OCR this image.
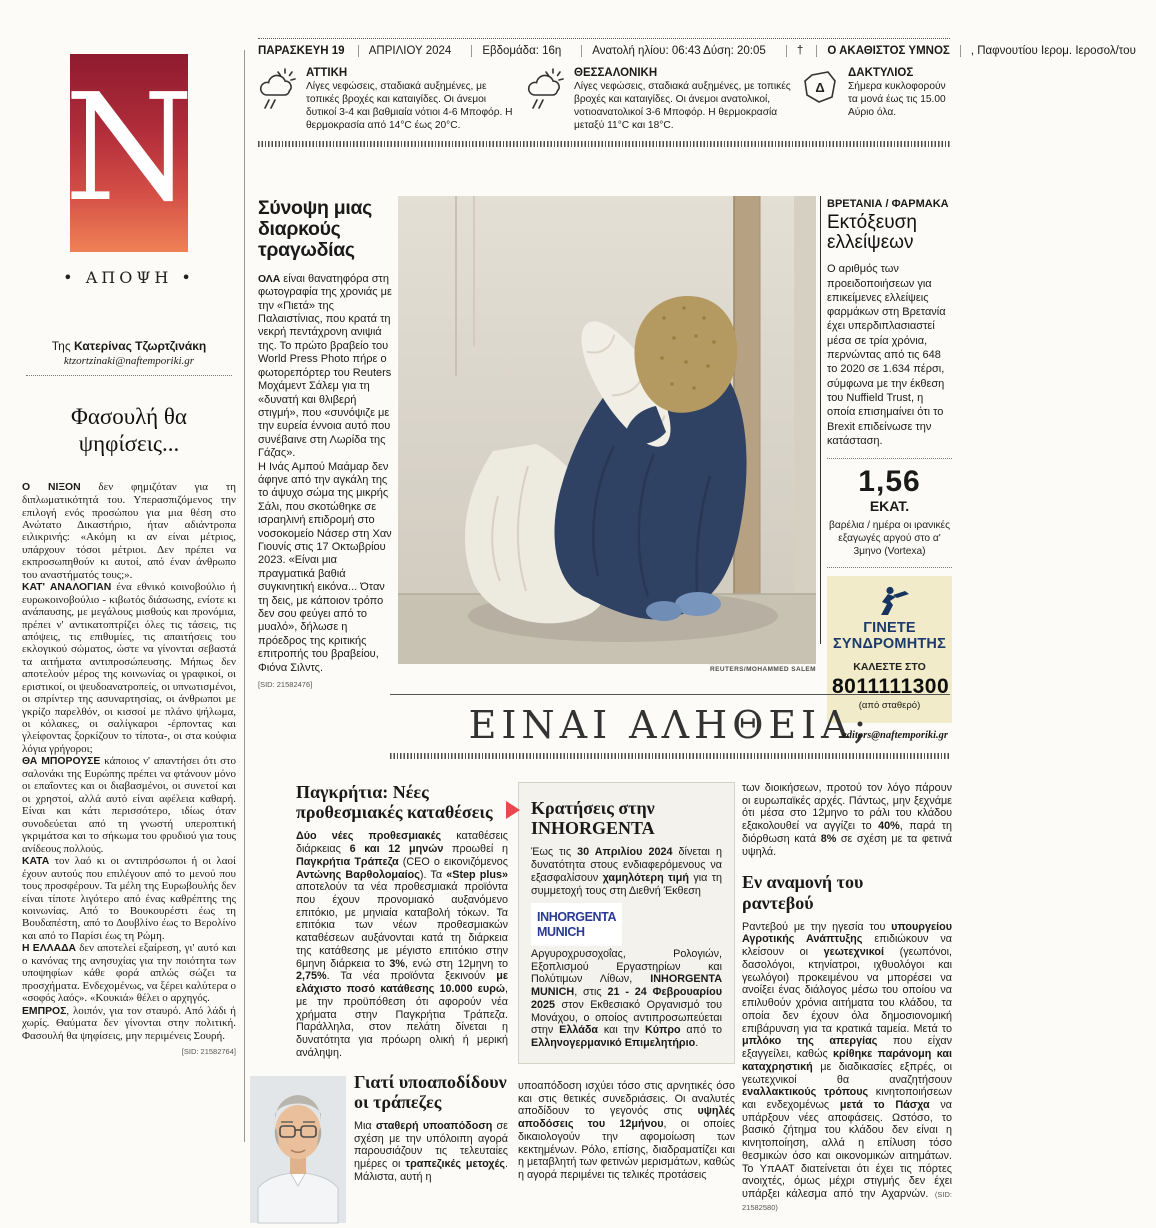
N
• ΑΠΟΨΗ •
Της Κατερίνας Τζωρτζινάκη
ktzortzinaki@naftemporiki.gr
Φασουλή θα ψηφίσεις...

Ο ΝΙΞΟΝ δεν φημιζόταν για τη διπλωματικότητά του. Υπερασπιζόμενος την επιλογή ενός προσώπου για μια θέση στο Ανώτατο Δικαστήριο, ήταν αδιάντροπα ειλικρινής: «Ακόμη κι αν είναι μέτριος, υπάρχουν τόσοι μέτριοι. Δεν πρέπει να εκπροσωπηθούν κι αυτοί, από έναν άνθρωπο του αναστήματός τους;».

ΚΑΤ' ΑΝΑΛΟΓΙΑΝ ένα εθνικό κοινοβούλιο ή ευρωκοινοβούλιο - κιβωτός διάσωσης, ενίοτε κι ανάπαυσης, με μεγάλους μισθούς και προνόμια, πρέπει ν' αντικατοπτρίζει όλες τις τάσεις, τις απόψεις, τις επιθυμίες, τις απαιτήσεις του εκλογικού σώματος, ώστε να γίνονται σεβαστά τα αιτήματα αντιπροσώπευσης. Μήπως δεν αποτελούν μέρος της κοινωνίας οι γραφικοί, οι εριστικοί, οι ψευδοανατροπείς, οι υπνωτισμένοι, οι σπρίντερ της ασυναρτησίας, οι άνθρωποι με γκρίζο παρελθόν, οι κισσοί με πλάνο ψήλωμα, οι κόλακες, οι σαλίγκαροι -έρποντας και γλείφοντας ξορκίζουν το τίποτα-, οι στα κούφια λόγια γρήγοροι;

ΘΑ ΜΠΟΡΟΥΣΕ κάποιος ν' απαντήσει ότι στο σαλονάκι της Ευρώπης πρέπει να φτάνουν μόνο οι επαΐοντες και οι διαβασμένοι, οι συνετοί και οι χρηστοί, αλλά αυτό είναι αφέλεια καθαρή. Είναι και κάτι περισσότερο, ιδίως όταν συνοδεύεται από τη γνωστή υπεροπτική γκριμάτσα και το σήκωμα του φρυδιού για τους ανίδεους πολλούς.

ΚΑΤΑ τον λαό κι οι αντιπρόσωποι ή οι λαοί έχουν αυτούς που επιλέγουν από το μενού που τους προσφέρουν. Τα μέλη της Ευρωβουλής δεν είναι τίποτε λιγότερο από ένας καθρέπτης της κοινωνίας. Από το Βουκουρέστι έως τη Βουδαπέστη, από το Δουβλίνο έως το Βερολίνο και από το Παρίσι έως τη Ρώμη.

Η ΕΛΛΑΔΑ δεν αποτελεί εξαίρεση, γι' αυτό και ο κανόνας της ανησυχίας για την ποιότητα των υποψηφίων κάθε φορά απλώς σώζει τα προσχήματα. Ενδεχομένως, να ξέρει καλύτερα ο «σοφός λαός». «Κουκιά» θέλει ο αρχηγός.

ΕΜΠΡΟΣ, λοιπόν, για τον σταυρό. Από λάδι ή χωρίς. Θαύματα δεν γίνονται στην πολιτική. Φασουλή θα ψηφίσεις, μην περιμένεις Σουρή.

[SID: 21582764]
ΠΑΡΑΣΚΕΥΗ 19 ΑΠΡΙΛΙΟΥ 2024	Εβδομάδα: 16η	Ανατολή ηλίου: 06:43 Δύση: 20:05	† Ο ΑΚΑΘΙΣΤΟΣ ΥΜΝΟΣ , Παφνουτίου Ιερομ. Ιεροσολ/του
ΑΤΤΙΚΗ
Λίγες νεφώσεις, σταδιακά αυξημένες, με τοπικές βροχές και καταιγίδες. Οι άνεμοι δυτικοί 3-4 και βαθμιαία νότιοι 4-6 Μποφόρ. Η θερμοκρασία από 14°C έως 20°C.
ΘΕΣΣΑΛΟΝΙΚΗ
Λίγες νεφώσεις, σταδιακά αυξημένες, με τοπικές βροχές και καταιγίδες. Οι άνεμοι ανατολικοί, νοτιοανατολικοί 3-6 Μποφόρ. Η θερμοκρασία μεταξύ 11°C και 18°C.
Δ
ΔΑΚΤΥΛΙΟΣ
Σήμερα κυκλοφορούν τα μονά έως τις 15.00 Αύριο όλα.
Σύνοψη μιας διαρκούς τραγωδίας

ΟΛΑ είναι θανατηφόρα στη φωτογραφία της χρονιάς με την «Πιετά» της Παλαιστίνιας, που κρατά τη νεκρή πεντάχρονη ανιψιά της. Το πρώτο βραβείο του World Press Photo πήρε ο φωτορεπόρτερ του Reuters Μοχάμεντ Σάλεμ για τη «δυνατή και θλιβερή στιγμή», που «συνόψιζε με την ευρεία έννοια αυτό που συνέβαινε στη Λωρίδα της Γάζας».

Η Ινάς Αμπού Μαάμαρ δεν άφηνε από την αγκάλη της το άψυχο σώμα της μικρής Σάλι, που σκοτώθηκε σε ισραηλινή επιδρομή στο νοσοκομείο Νάσερ στη Χαν Γιουνίς στις 17 Οκτωβρίου 2023. «Είναι μια πραγματικά βαθιά συγκινητική εικόνα... Όταν τη δεις, με κάποιον τρόπο δεν σου φεύγει από το μυαλό», δήλωσε η πρόεδρος της κριτικής επιτροπής του βραβείου, Φιόνα Σιλντς.

[SID: 21582476]
REUTERS/MOHAMMED SALEM
ΒΡΕΤΑΝΙΑ / ΦΑΡΜΑΚΑ
Εκτόξευση ελλείψεων
Ο αριθμός των προειδοποιήσεων για επικείμενες ελλείψεις φαρμάκων στη Βρετανία έχει υπερδιπλασιαστεί μέσα σε τρία χρόνια, περνώντας από τις 648 το 2020 σε 1.634 πέρσι, σύμφωνα με την έκθεση του Nuffield Trust, η οποία επισημαίνει ότι το Brexit επιδείνωσε την κατάσταση.
1,56
ΕΚΑΤ.
βαρέλια / ημέρα οι ιρανικές εξαγωγές αργού στο α' 3μηνο (Vortexa)
ΓΙΝΕΤΕ
ΣΥΝΔΡΟΜΗΤΗΣ
ΚΑΛΕΣΤΕ ΣΤΟ
8011111300
(από σταθερό)
ΕΙΝΑΙ ΑΛΗΘΕΙΑ;
editors@naftemporiki.gr
Παγκρήτια: Νέες προθεσμιακές καταθέσεις
Δύο νέες προθεσμιακές καταθέσεις διάρκειας 6 και 12 μηνών προωθεί η Παγκρήτια Τράπεζα (CEO ο εικονιζόμενος Αντώνης Βαρθολομαίος). Τα «Step plus» αποτελούν τα νέα προθεσμιακά προϊόντα που έχουν προνομιακό αυξανόμενο επιτόκιο, με μηνιαία καταβολή τόκων. Τα επιτόκια των νέων προθεσμιακών καταθέσεων αυξάνονται κατά τη διάρκεια της κατάθεσης με μέγιστο επιτόκιο στην 6μηνη διάρκεια το 3%, ενώ στη 12μηνη το 2,75%. Τα νέα προϊόντα ξεκινούν με ελάχιστο ποσό κατάθεσης 10.000 ευρώ, με την προϋπόθεση ότι αφορούν νέα χρήματα στην Παγκρήτια Τράπεζα. Παράλληλα, στον πελάτη δίνεται η δυνατότητα για πρόωρη ολική ή μερική ανάληψη.
Γιατί υποαποδίδουν οι τράπεζες
Μια σταθερή υποαπόδοση σε σχέση με την υπόλοιπη αγορά παρουσιάζουν τις τελευταίες ημέρες οι τραπεζικές μετοχές. Μάλιστα, αυτή η
Κρατήσεις στην INHORGENTA
Έως τις 30 Απριλίου 2024 δίνεται η δυνατότητα στους ενδιαφερόμενους να εξασφαλίσουν χαμηλότερη τιμή για τη συμμετοχή τους στη Διεθνή Έκθεση
INHORGENTA
MUNICH
Αργυροχρυσοχοΐας, Ρολογιών, Εξοπλισμού Εργαστηρίων και Πολύτιμων Λίθων, INHORGENTA MUNICH, στις 21 - 24 Φεβρουαρίου 2025 στον Εκθεσιακό Οργανισμό του Μονάχου, ο οποίος αντιπροσωπεύεται στην Ελλάδα και την Κύπρο από το Ελληνογερμανικό Επιμελητήριο.
υποαπόδοση ισχύει τόσο στις αρνητικές όσο και στις θετικές συνεδριάσεις. Οι αναλυτές αποδίδουν το γεγονός στις υψηλές αποδόσεις του 12μήνου, οι οποίες δικαιολογούν την αφομοίωση των κεκτημένων. Ρόλο, επίσης, διαδραματίζει και η μεταβλητή των φετινών μερισμάτων, καθώς η αγορά περιμένει τις τελικές προτάσεις
των διοικήσεων, προτού τον λόγο πάρουν οι ευρωπαϊκές αρχές. Πάντως, μην ξεχνάμε ότι μέσα στο 12μηνο το ράλι του κλάδου εξακολουθεί να αγγίζει το 40%, παρά τη διόρθωση κατά 8% σε σχέση με τα φετινά υψηλά.
Εν αναμονή του ραντεβού
Ραντεβού με την ηγεσία του υπουργείου Αγροτικής Ανάπτυξης επιδιώκουν να κλείσουν οι γεωτεχνικοί (γεωπόνοι, δασολόγοι, κτηνίατροι, ιχθυολόγοι και γεωλόγοι) προκειμένου να μπορέσει να ανοίξει ένας διάλογος μέσω του οποίου να επιλυθούν χρόνια αιτήματα του κλάδου, τα οποία δεν έχουν όλα δημοσιονομική επιβάρυνση για τα κρατικά ταμεία. Μετά το μπλόκο της απεργίας που είχαν εξαγγείλει, καθώς κρίθηκε παράνομη και καταχρηστική με διαδικασίες εξπρές, οι γεωτεχνικοί θα αναζητήσουν εναλλακτικούς τρόπους κινητοποιήσεων και ενδεχομένως μετά το Πάσχα να υπάρξουν νέες αποφάσεις. Ωστόσο, το βασικό ζήτημα του κλάδου δεν είναι η κινητοποίηση, αλλά η επίλυση τόσο θεσμικών όσο και οικονομικών αιτημάτων. Το ΥπΑΑΤ διατείνεται ότι έχει τις πόρτες ανοιχτές, όμως μέχρι στιγμής δεν έχει υπάρξει κάλεσμα από την Αχαρνών. (SID: 21582580)
